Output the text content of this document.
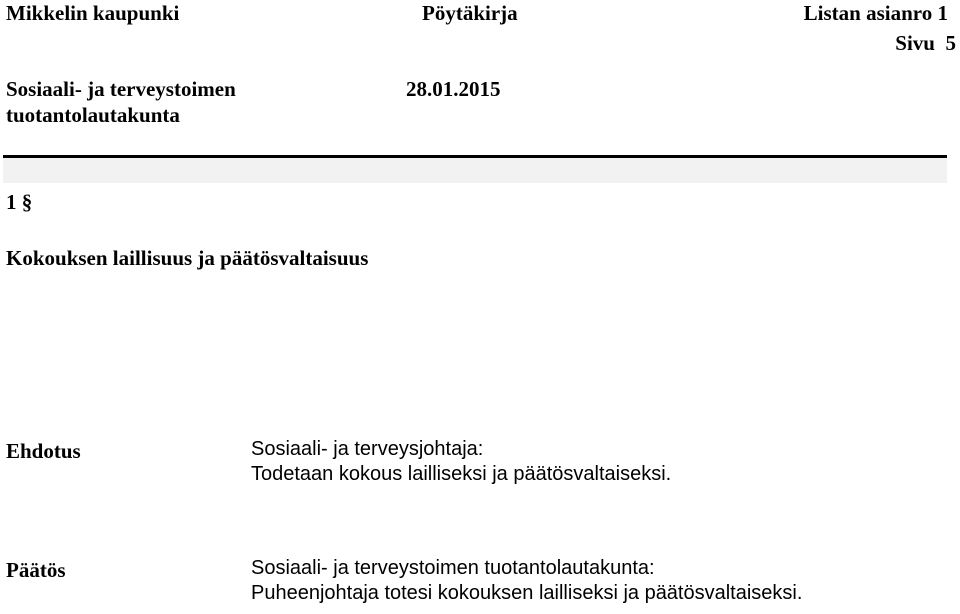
Mikkelin kaupunki	Pöytäkirja	Listan asianro 1
Sivu  5
Sosiaali- ja terveystoimen
tuotantolautakunta
28.01.2015
1 §
Kokouksen laillisuus ja päätösvaltaisuus
Ehdotus	Sosiaali- ja terveysjohtaja:
Todetaan kokous lailliseksi ja päätösvaltaiseksi.
Päätös	Sosiaali- ja terveystoimen tuotantolautakunta:
Puheenjohtaja totesi kokouksen lailliseksi ja päätösvaltaiseksi.
